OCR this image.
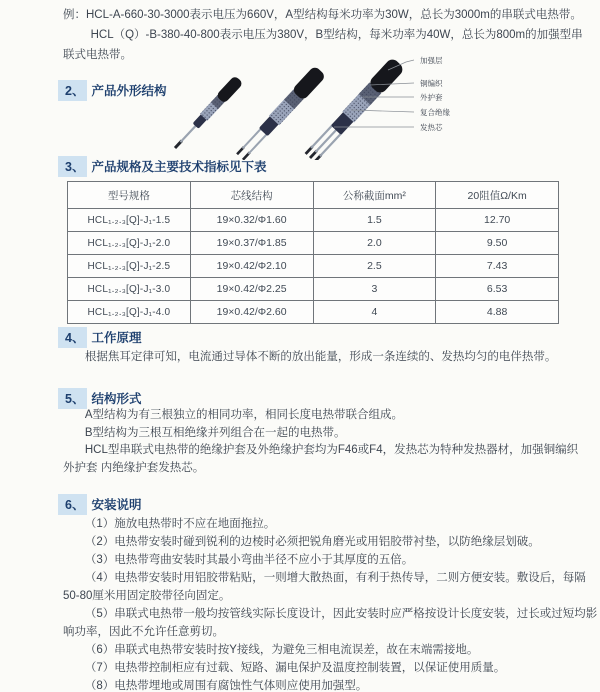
例：HCL-A-660-30-3000表示电压为660V，A型结构每米功率为30W，总长为3000m的串联式电热带。
HCL（Q）-B-380-40-800表示电压为380V，B型结构，每米功率为40W，总长为800m的加强型串
联式电热带。
2、 产品外形结构
加强层
铜编织
外护套
复合绝缘
发热芯
3、 产品规格及主要技术指标见下表
型号规格	芯线结构	公称截面mm²	20阻值Ω/Km
HCL₁.₂.₃[Q]-J₁-1.5	19×0.32/Φ1.60	1.5	12.70
HCL₁.₂.₃[Q]-J₁-2.0	19×0.37/Φ1.85	2.0	9.50
HCL₁.₂.₃[Q]-J₁-2.5	19×0.42/Φ2.10	2.5	7.43
HCL₁.₂.₃[Q]-J₁-3.0	19×0.42/Φ2.25	3	6.53
HCL₁.₂.₃[Q]-J₁-4.0	19×0.42/Φ2.60	4	4.88
4、 工作原理
根据焦耳定律可知，电流通过导体不断的放出能量，形成一条连续的、发热均匀的电伴热带。
5、 结构形式
A型结构为有三根独立的相同功率，相同长度电热带联合组成。
B型结构为三根互相绝缘并列组合在一起的电热带。
HCL型串联式电热带的绝缘护套及外绝缘护套均为F46或F4，发热芯为特种发热器材，加强铜编织
外护套 内绝缘护套发热芯。
6、 安装说明
（1）施放电热带时不应在地面拖拉。
（2）电热带安装时碰到锐利的边棱时必须把锐角磨光或用铝胶带衬垫，以防绝缘层划破。
（3）电热带弯曲安装时其最小弯曲半径不应小于其厚度的五倍。
（4）电热带安装时用铝胶带粘贴，一则增大散热面，有利于热传导，二则方便安装。敷设后，每隔
50-80厘米用固定胶带径向固定。
（5）串联式电热带一般均按管线实际长度设计，因此安装时应严格按设计长度安装，过长或过短均影
响功率，因此不允许任意剪切。
（6）串联式电热带安装时按Y接线，为避免三相电流误差，故在末端需接地。
（7）电热带控制柜应有过载、短路、漏电保护及温度控制装置，以保证使用质量。
（8）电热带埋地或周围有腐蚀性气体则应使用加强型。
